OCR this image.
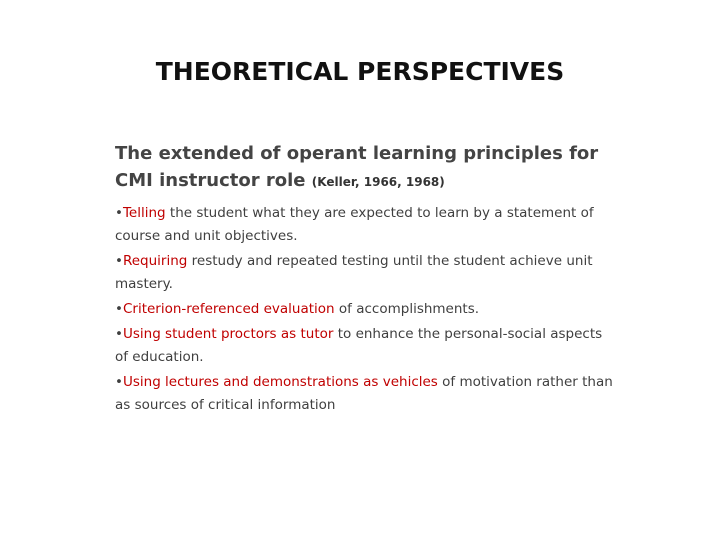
THEORETICAL PERSPECTIVES
The extended of operant learning principles for CMI instructor role (Keller, 1966, 1968)
•Telling the student what they are expected to learn by a statement of course and unit objectives.
•Requiring restudy and repeated testing until the student achieve unit mastery.
•Criterion-referenced evaluation of accomplishments.
•Using student proctors as tutor to enhance the personal-social aspects of education.
•Using lectures and demonstrations as vehicles of motivation rather than as sources of critical information
